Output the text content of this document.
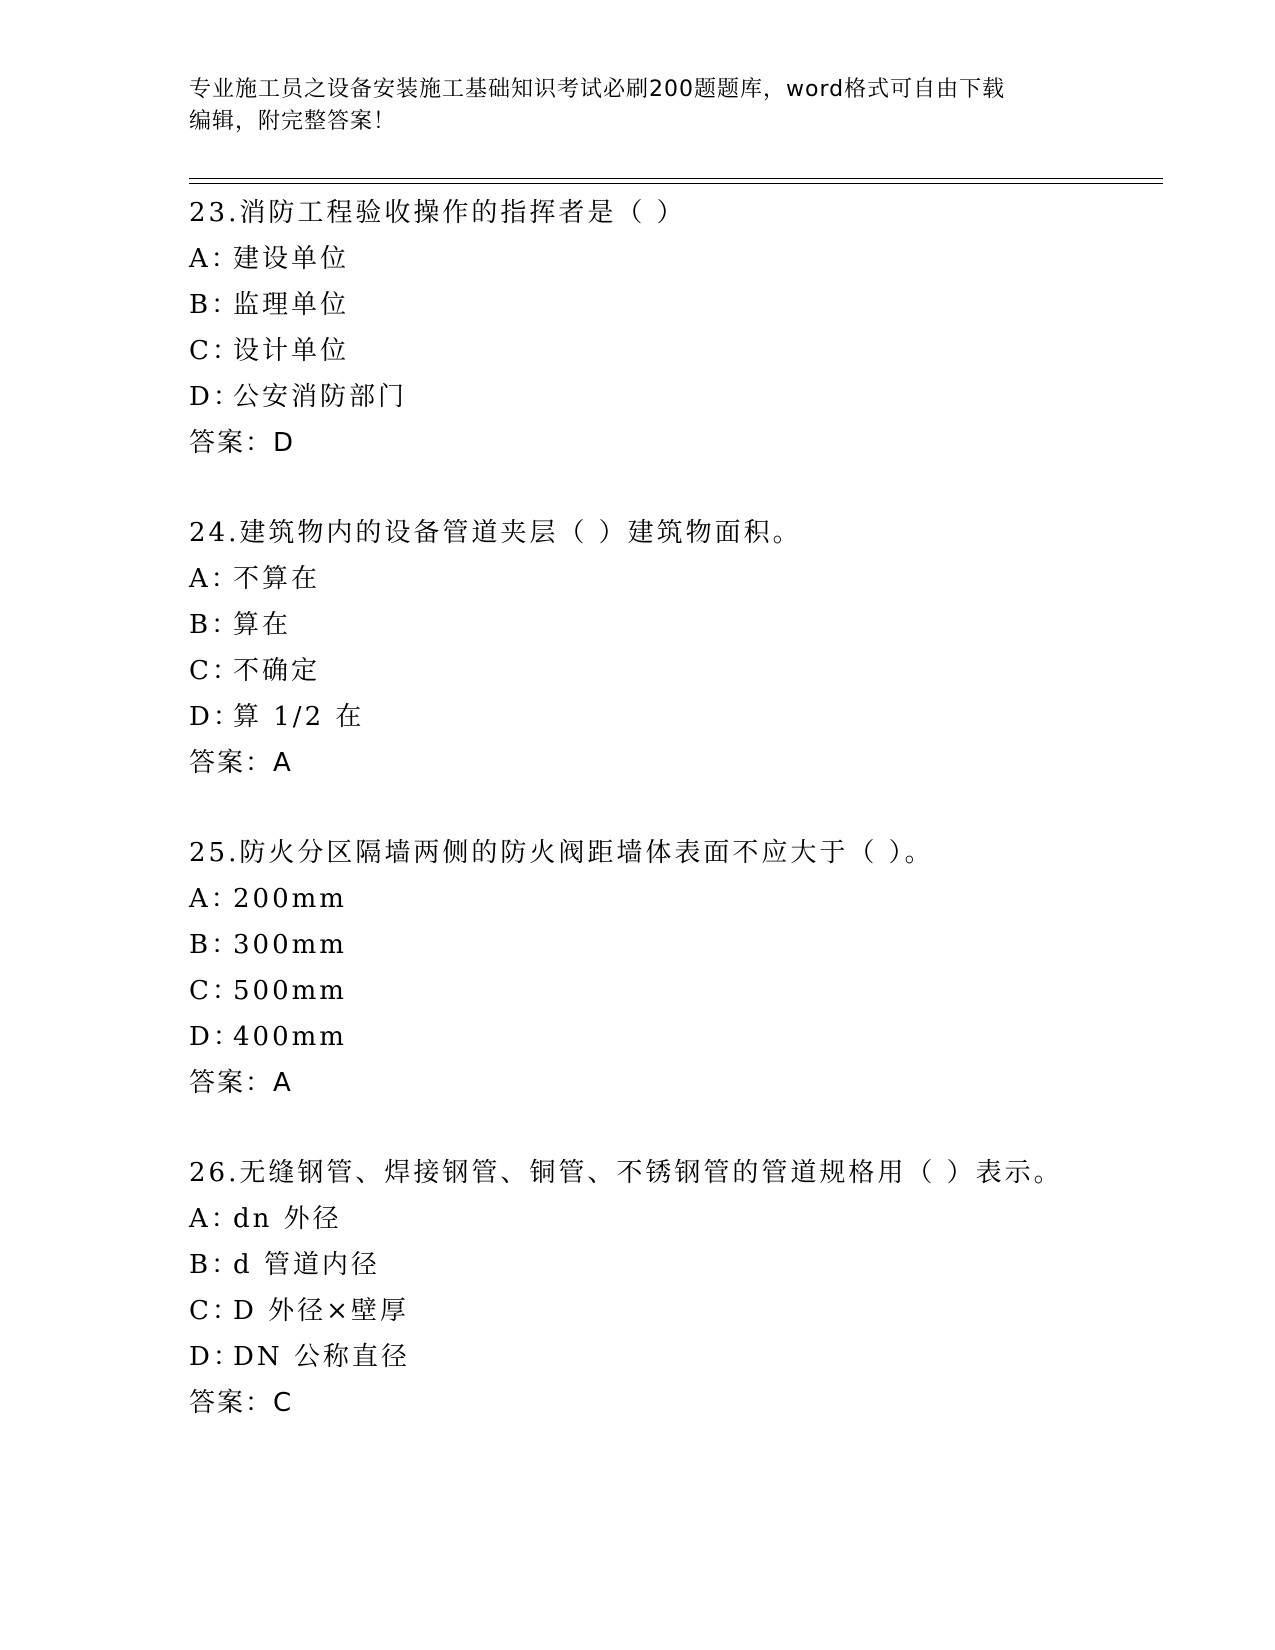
专业施工员之设备安装施工基础知识考试必刷200题题库，word格式可自由下载
编辑，附完整答案！
23.消防工程验收操作的指挥者是（ ）
A：建设单位
B：监理单位
C：设计单位
D：公安消防部门
答案：D
24.建筑物内的设备管道夹层（ ）建筑物面积。
A：不算在
B：算在
C：不确定
D：算 1/2 在
答案：A
25.防火分区隔墙两侧的防火阀距墙体表面不应大于（ ）。
A：200mm
B：300mm
C：500mm
D：400mm
答案：A
26.无缝钢管、焊接钢管、铜管、不锈钢管的管道规格用（ ）表示。
A：dn 外径
B：d 管道内径
C：D 外径×壁厚
D：DN 公称直径
答案：C
